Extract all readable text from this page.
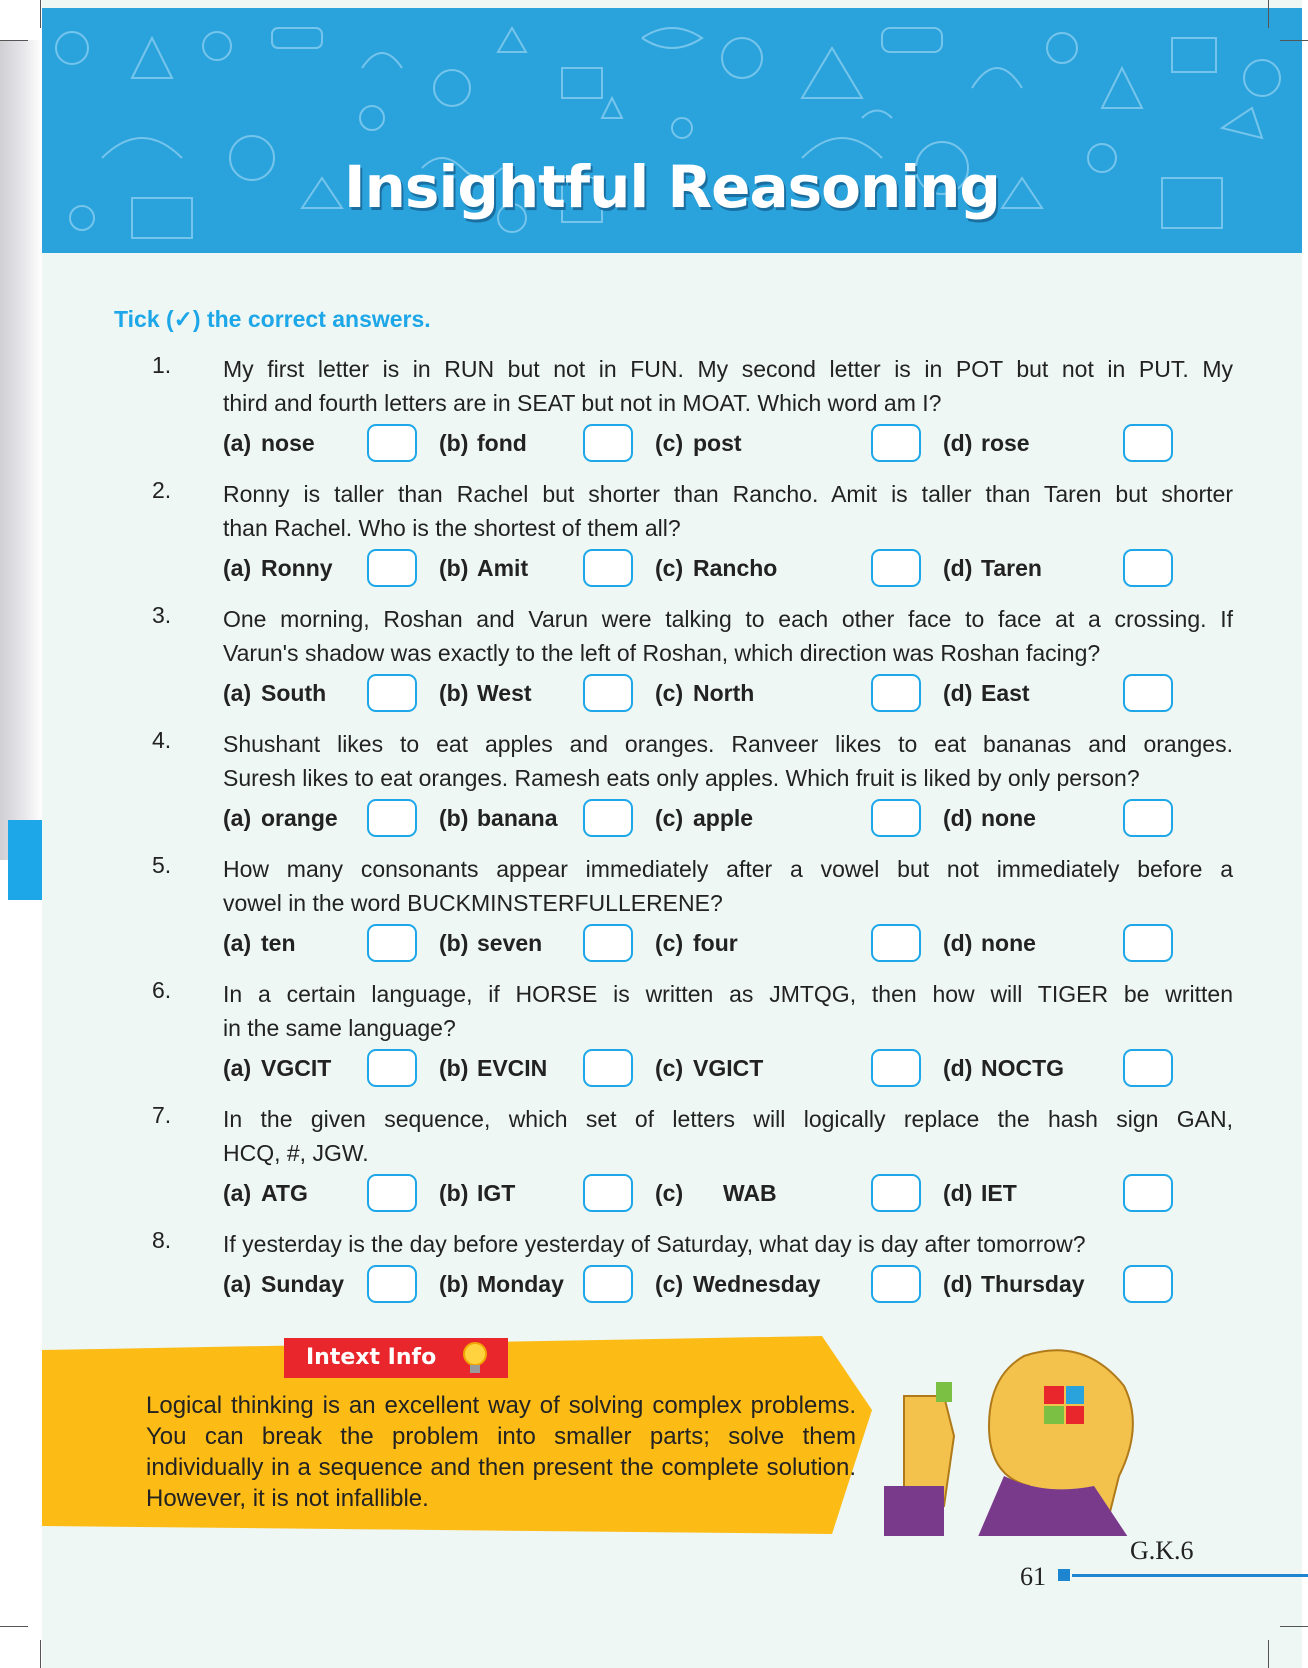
Insightful Reasoning
Tick (✓) the correct answers.
1. My first letter is in RUN but not in FUN. My second letter is in POT but not in PUT. My
third and fourth letters are in SEAT but not in MOAT. Which word am I?
(a) nose	(b) fond	(c) post	(d) rose
2. Ronny is taller than Rachel but shorter than Rancho. Amit is taller than Taren but shorter
than Rachel. Who is the shortest of them all?
(a) Ronny	(b) Amit	(c) Rancho	(d) Taren
3. One morning, Roshan and Varun were talking to each other face to face at a crossing. If
Varun's shadow was exactly to the left of Roshan, which direction was Roshan facing?
(a) South	(b) West	(c) North	(d) East
4. Shushant likes to eat apples and oranges. Ranveer likes to eat bananas and oranges.
Suresh likes to eat oranges. Ramesh eats only apples. Which fruit is liked by only person?
(a) orange	(b) banana	(c) apple	(d) none
5. How many consonants appear immediately after a vowel but not immediately before a
vowel in the word BUCKMINSTERFULLERENE?
(a) ten	(b) seven	(c) four	(d) none
6. In a certain language, if HORSE is written as JMTQG, then how will TIGER be written
in the same language?
(a) VGCIT	(b) EVCIN	(c) VGICT	(d) NOCTG
7. In the given sequence, which set of letters will logically replace the hash sign GAN,
HCQ, #, JGW.
(a) ATG	(b) IGT	(c) WAB	(d) IET
8. If yesterday is the day before yesterday of Saturday, what day is day after tomorrow?
(a) Sunday	(b) Monday	(c) Wednesday	(d) Thursday
Intext Info
Logical thinking is an excellent way of solving complex problems. You can break the problem into smaller parts; solve them individually in a sequence and then present the complete solution. However, it is not infallible.
G.K.6
61
